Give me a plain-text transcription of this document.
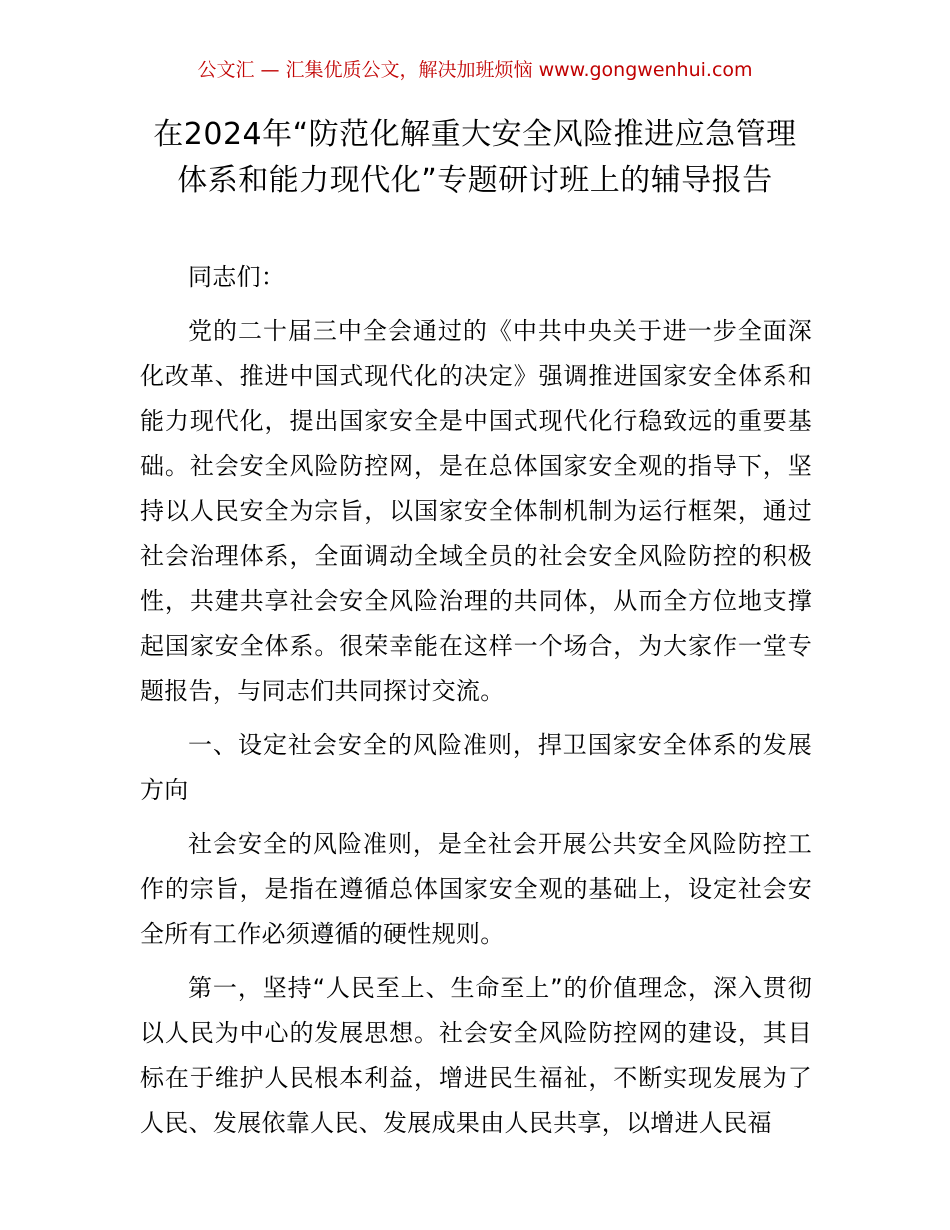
公文汇 — 汇集优质公文，解决加班烦恼 www.gongwenhui.com
在2024年“防范化解重大安全风险推进应急管理体系和能力现代化”专题研讨班上的辅导报告

同志们：

党的二十届三中全会通过的《中共中央关于进一步全面深化改革、推进中国式现代化的决定》强调推进国家安全体系和能力现代化，提出国家安全是中国式现代化行稳致远的重要基础。社会安全风险防控网，是在总体国家安全观的指导下，坚持以人民安全为宗旨，以国家安全体制机制为运行框架，通过社会治理体系，全面调动全域全员的社会安全风险防控的积极性，共建共享社会安全风险治理的共同体，从而全方位地支撑起国家安全体系。很荣幸能在这样一个场合，为大家作一堂专题报告，与同志们共同探讨交流。

一、设定社会安全的风险准则，捍卫国家安全体系的发展方向

社会安全的风险准则，是全社会开展公共安全风险防控工作的宗旨，是指在遵循总体国家安全观的基础上，设定社会安全所有工作必须遵循的硬性规则。

第一，坚持“人民至上、生命至上”的价值理念，深入贯彻以人民为中心的发展思想。社会安全风险防控网的建设，其目标在于维护人民根本利益，增进民生福祉，不断实现发展为了人民、发展依靠人民、发展成果由人民共享，以增进人民福
